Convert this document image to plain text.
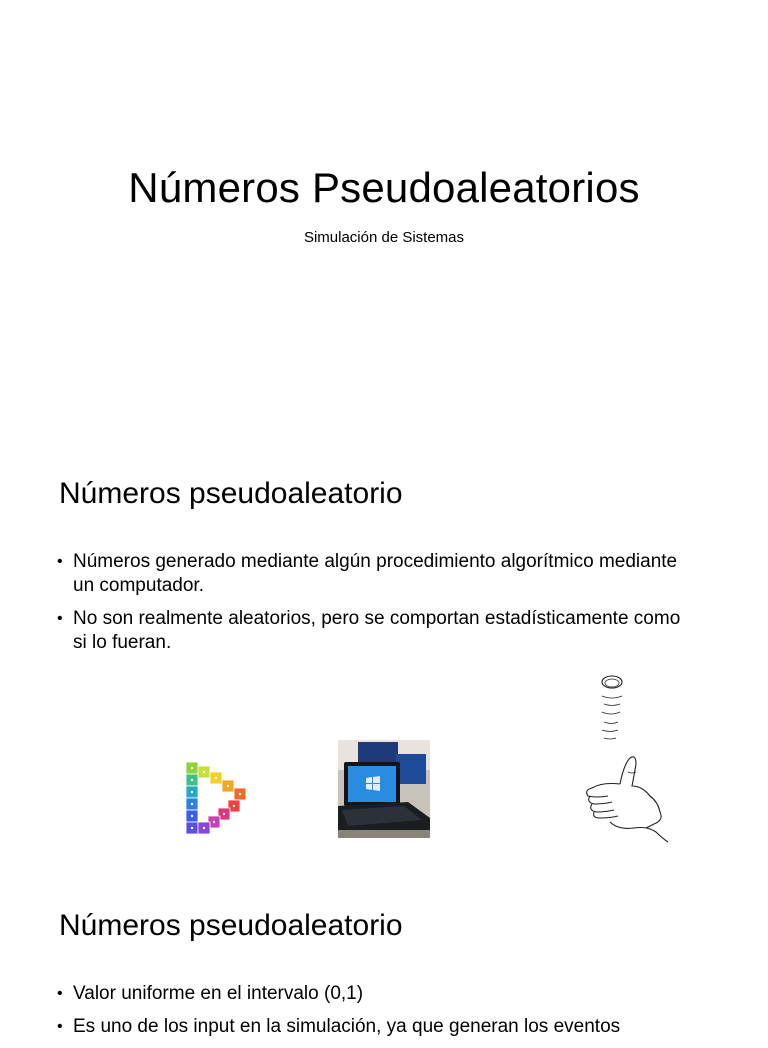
Números Pseudoaleatorios
Simulación de Sistemas
Números pseudoaleatorio
• Números generado mediante algún procedimiento algorítmico mediante un computador.
• No son realmente aleatorios, pero se comportan estadísticamente como si lo fueran.
Números pseudoaleatorio
• Valor uniforme en el intervalo (0,1)
• Es uno de los input en la simulación, ya que generan los eventos
